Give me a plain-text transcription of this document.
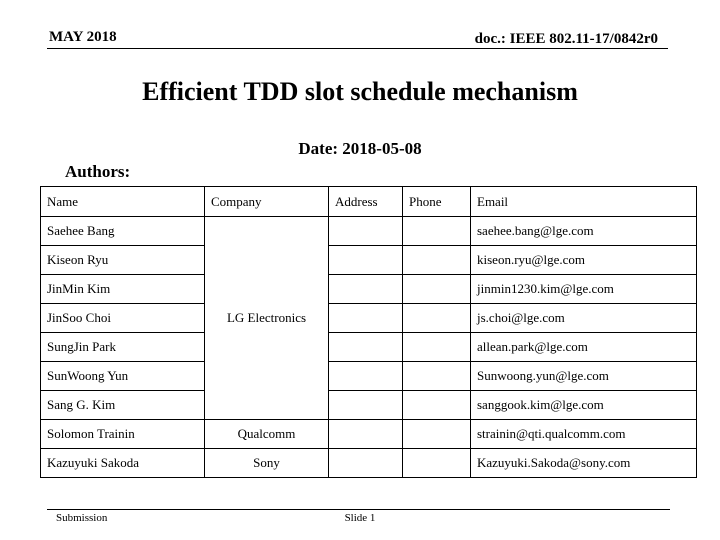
MAY 2018	doc.: IEEE 802.11-17/0842r0
Efficient TDD slot schedule mechanism
Date: 2018-05-08
Authors:
Name	Company	Address	Phone	Email
Saehee Bang	LG Electronics			saehee.bang@lge.com
Kiseon Ryu				kiseon.ryu@lge.com
JinMin Kim				jinmin1230.kim@lge.com
JinSoo Choi				js.choi@lge.com
SungJin Park				allean.park@lge.com
SunWoong Yun				Sunwoong.yun@lge.com
Sang G. Kim				sanggook.kim@lge.com
Solomon Trainin	Qualcomm			strainin@qti.qualcomm.com
Kazuyuki Sakoda	Sony			Kazuyuki.Sakoda@sony.com
Submission	Slide 1
